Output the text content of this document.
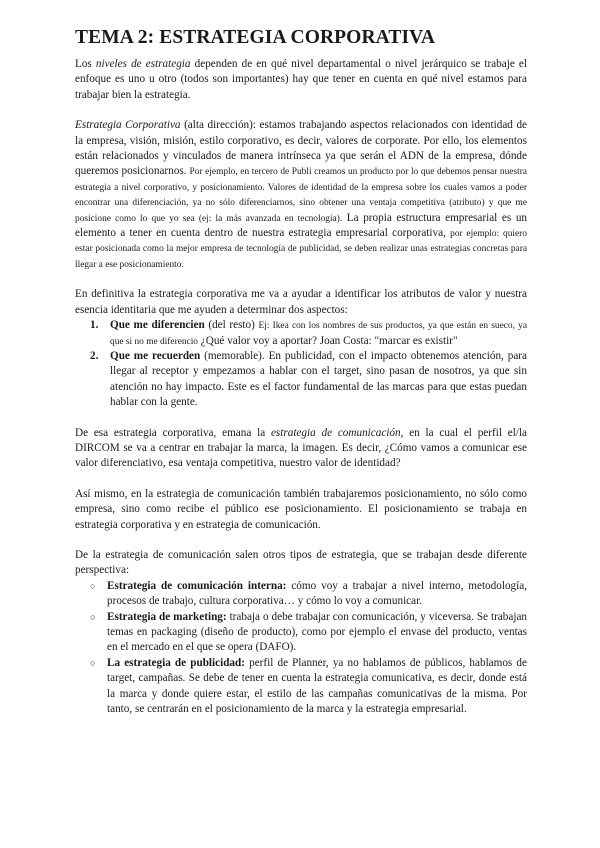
TEMA 2: ESTRATEGIA CORPORATIVA

Los niveles de estrategia dependen de en qué nivel departamental o nivel jerárquico se trabaje el enfoque es uno u otro (todos son importantes) hay que tener en cuenta en qué nivel estamos para trabajar bien la estrategia.

Estrategia Corporativa (alta dirección): estamos trabajando aspectos relacionados con identidad de la empresa, visión, misión, estilo corporativo, es decir, valores de corporate. Por ello, los elementos están relacionados y vinculados de manera intrínseca ya que serán el ADN de la empresa, dónde queremos posicionarnos. Por ejemplo, en tercero de Publi creamos un producto por lo que debemos pensar nuestra estrategia a nivel corporativo, y posicionamiento. Valores de identidad de la empresa sobre los cuales vamos a poder encontrar una diferenciación, ya no sólo diferenciarnos, sino obtener una ventaja competitiva (atributo) y que me posicione como lo que yo sea (ej: la más avanzada en tecnología). La propia estructura empresarial es un elemento a tener en cuenta dentro de nuestra estrategia empresarial corporativa, por ejemplo: quiero estar posicionada como la mejor empresa de tecnología de publicidad, se deben realizar unas estrategias concretas para llegar a ese posicionamiento.

En definitiva la estrategia corporativa me va a ayudar a identificar los atributos de valor y nuestra esencia identitaria que me ayuden a determinar dos aspectos:

1. Que me diferencien (del resto) Ej: Ikea con los nombres de sus productos, ya que están en sueco, ya que si no me diferencio ¿Qué valor voy a aportar? Joan Costa: "marcar es existir"
2. Que me recuerden (memorable). En publicidad, con el impacto obtenemos atención, para llegar al receptor y empezamos a hablar con el target, sino pasan de nosotros, ya que sin atención no hay impacto. Este es el factor fundamental de las marcas para que estas puedan hablar con la gente.

De esa estrategia corporativa, emana la estrategia de comunicación, en la cual el perfil el/la DIRCOM se va a centrar en trabajar la marca, la imagen. Es decir, ¿Cómo vamos a comunicar ese valor diferenciativo, esa ventaja competitiva, nuestro valor de identidad?

Así mismo, en la estrategia de comunicación también trabajaremos posicionamiento, no sólo como empresa, sino como recibe el público ese posicionamiento. El posicionamiento se trabaja en estrategia corporativa y en estrategia de comunicación.

De la estrategia de comunicación salen otros tipos de estrategia, que se trabajan desde diferente perspectiva:

○ Estrategia de comunicación interna: cómo voy a trabajar a nivel interno, metodología, procesos de trabajo, cultura corporativa… y cómo lo voy a comunicar.
○ Estrategia de marketing: trabaja o debe trabajar con comunicación, y viceversa. Se trabajan temas en packaging (diseño de producto), como por ejemplo el envase del producto, ventas en el mercado en el que se opera (DAFO).
○ La estrategia de publicidad: perfil de Planner, ya no hablamos de públicos, hablamos de target, campañas. Se debe de tener en cuenta la estrategia comunicativa, es decir, donde está la marca y donde quiere estar, el estilo de las campañas comunicativas de la misma. Por tanto, se centrarán en el posicionamiento de la marca y la estrategia empresarial.
